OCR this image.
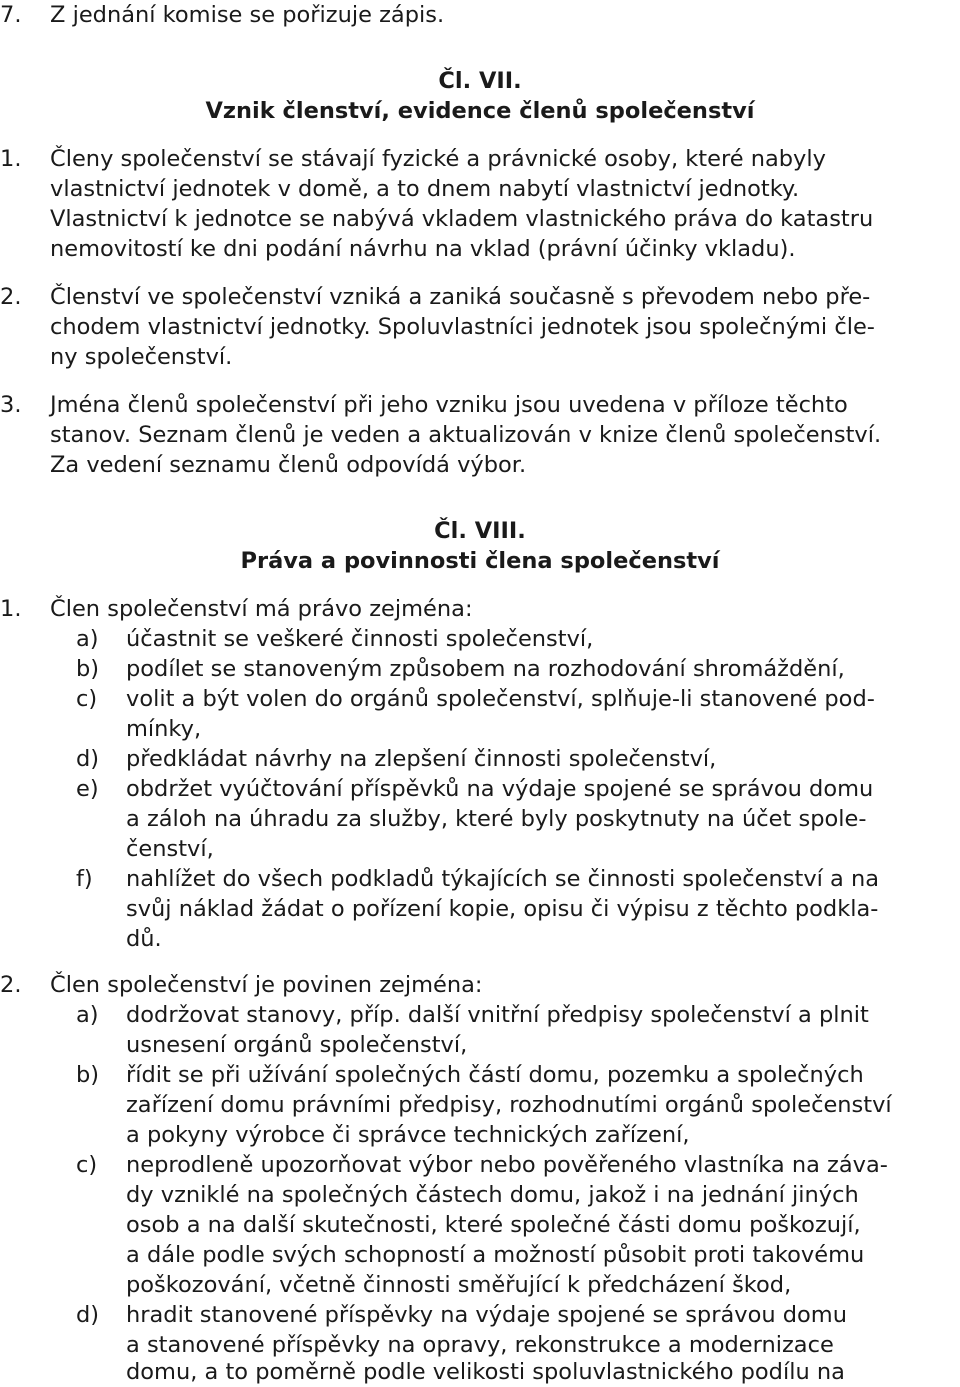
7. Z jednání komise se pořizuje zápis.
Čl. VII.
Vznik členství, evidence členů společenství
1. Členy společenství se stávají fyzické a právnické osoby, které nabyly
vlastnictví jednotek v domě, a to dnem nabytí vlastnictví jednotky.
Vlastnictví k jednotce se nabývá vkladem vlastnického práva do katastru
nemovitostí ke dni podání návrhu na vklad (právní účinky vkladu).
2. Členství ve společenství vzniká a zaniká současně s převodem nebo pře-
chodem vlastnictví jednotky. Spoluvlastníci jednotek jsou společnými čle-
ny společenství.
3. Jména členů společenství při jeho vzniku jsou uvedena v příloze těchto
stanov. Seznam členů je veden a aktualizován v knize členů společenství.
Za vedení seznamu členů odpovídá výbor.
Čl. VIII.
Práva a povinnosti člena společenství
1. Člen společenství má právo zejména:
a) účastnit se veškeré činnosti společenství,
b) podílet se stanoveným způsobem na rozhodování shromáždění,
c) volit a být volen do orgánů společenství, splňuje-li stanovené pod-
mínky,
d) předkládat návrhy na zlepšení činnosti společenství,
e) obdržet vyúčtování příspěvků na výdaje spojené se správou domu
a záloh na úhradu za služby, které byly poskytnuty na účet spole-
čenství,
f) nahlížet do všech podkladů týkajících se činnosti společenství a na
svůj náklad žádat o pořízení kopie, opisu či výpisu z těchto podkla-
dů.
2. Člen společenství je povinen zejména:
a) dodržovat stanovy, příp. další vnitřní předpisy společenství a plnit
usnesení orgánů společenství,
b) řídit se při užívání společných částí domu, pozemku a společných
zařízení domu právními předpisy, rozhodnutími orgánů společenství
a pokyny výrobce či správce technických zařízení,
c) neprodleně upozorňovat výbor nebo pověřeného vlastníka na záva-
dy vzniklé na společných částech domu, jakož i na jednání jiných
osob a na další skutečnosti, které společné části domu poškozují,
a dále podle svých schopností a možností působit proti takovému
poškozování, včetně činnosti směřující k předcházení škod,
d) hradit stanovené příspěvky na výdaje spojené se správou domu
a stanovené příspěvky na opravy, rekonstrukce a modernizace
domu, a to poměrně podle velikosti spoluvlastnického podílu na
